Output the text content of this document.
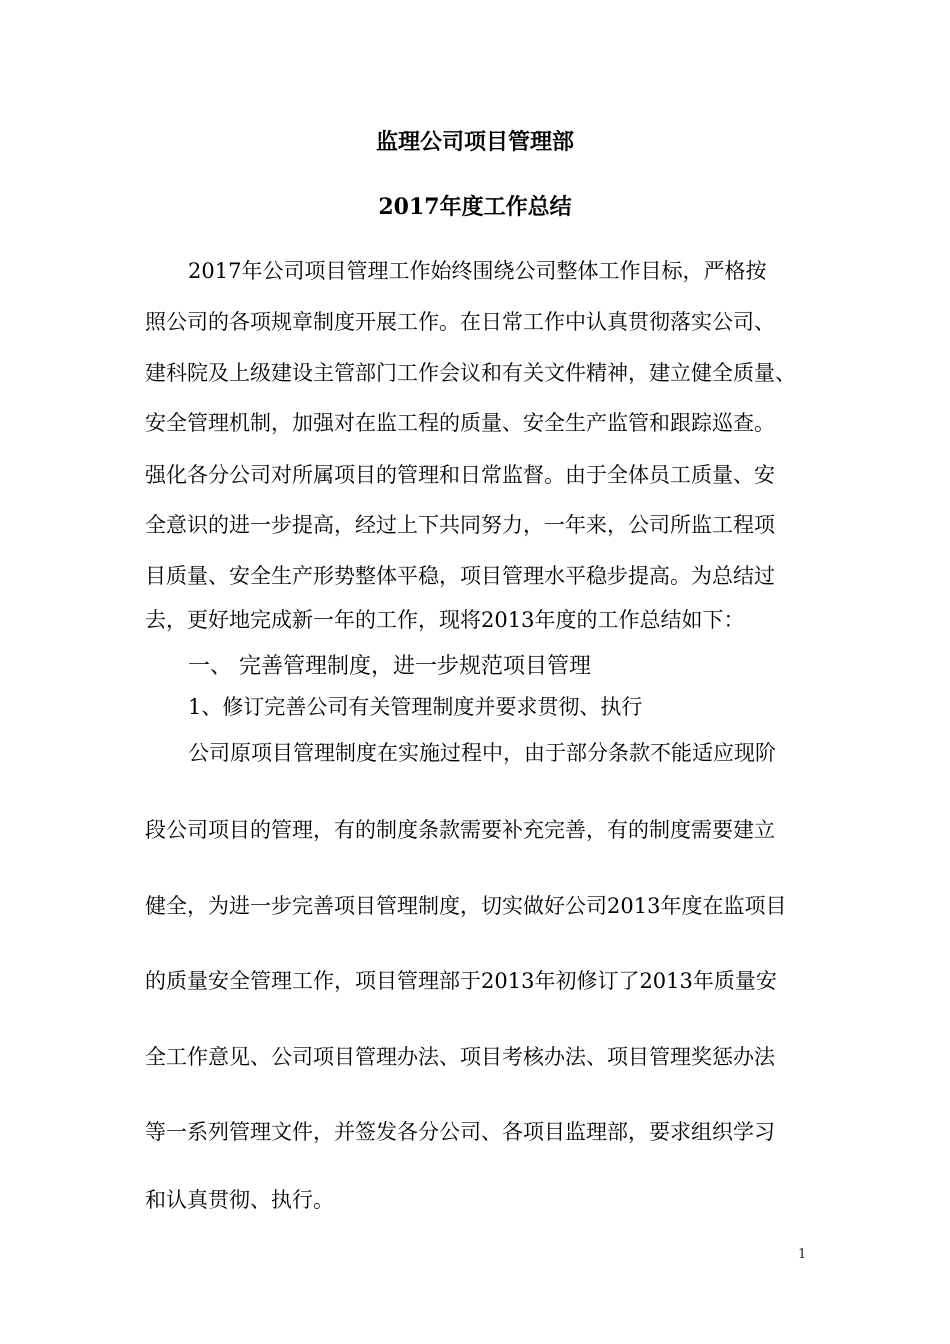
监理公司项目管理部
2017年度工作总结
2017年公司项目管理工作始终围绕公司整体工作目标，严格按
照公司的各项规章制度开展工作。在日常工作中认真贯彻落实公司、
建科院及上级建设主管部门工作会议和有关文件精神，建立健全质量、
安全管理机制，加强对在监工程的质量、安全生产监管和跟踪巡查。
强化各分公司对所属项目的管理和日常监督。由于全体员工质量、安
全意识的进一步提高，经过上下共同努力，一年来，公司所监工程项
目质量、安全生产形势整体平稳，项目管理水平稳步提高。为总结过
去，更好地完成新一年的工作，现将2013年度的工作总结如下：
一、 完善管理制度，进一步规范项目管理
1、修订完善公司有关管理制度并要求贯彻、执行
公司原项目管理制度在实施过程中，由于部分条款不能适应现阶
段公司项目的管理，有的制度条款需要补充完善，有的制度需要建立
健全，为进一步完善项目管理制度，切实做好公司2013年度在监项目
的质量安全管理工作，项目管理部于2013年初修订了2013年质量安
全工作意见、公司项目管理办法、项目考核办法、项目管理奖惩办法
等一系列管理文件，并签发各分公司、各项目监理部，要求组织学习
和认真贯彻、执行。
1
